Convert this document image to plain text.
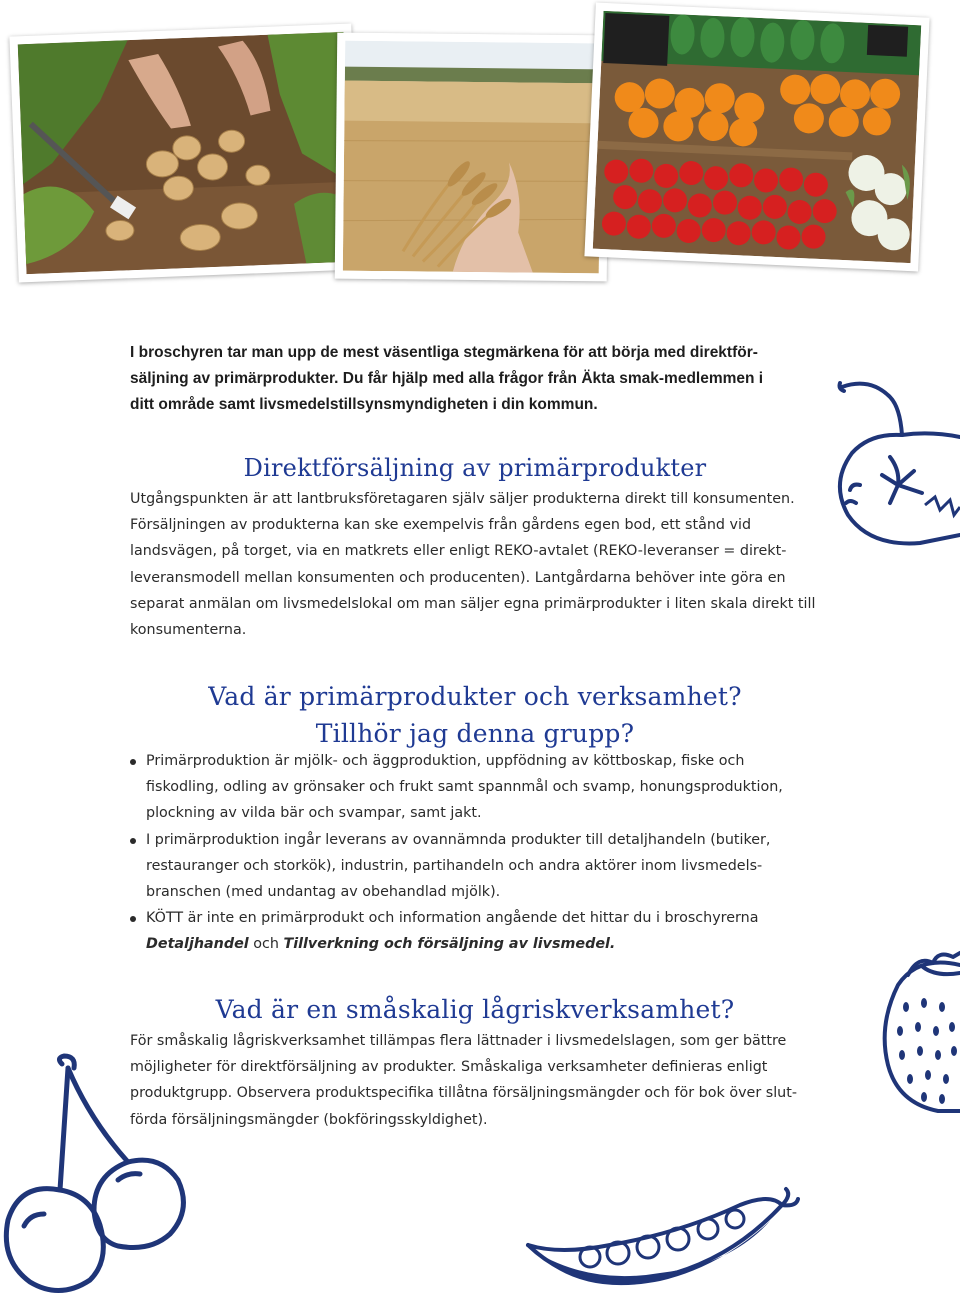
I broschyren tar man upp de mest väsentliga stegmärkena för att börja med direktförsäljning av primärprodukter. Du får hjälp med alla frågor från Äkta smak-medlemmen i ditt område samt livsmedelstillsynsmyndigheten i din kommun.

Direktförsäljning av primärprodukter

Utgångspunkten är att lantbruksföretagaren själv säljer produkterna direkt till konsumenten. Försäljningen av produkterna kan ske exempelvis från gårdens egen bod, ett stånd vid landsvägen, på torget, via en matkrets eller enligt REKO-avtalet (REKO-leveranser = direktleveransmodell mellan konsumenten och producenten). Lantgårdarna behöver inte göra en separat anmälan om livsmedelslokal om man säljer egna primärprodukter i liten skala direkt till konsumenterna.

Vad är primärprodukter och verksamhet?
Tillhör jag denna grupp?
Primärproduktion är mjölk- och äggproduktion, uppfödning av köttboskap, fiske och fiskodling, odling av grönsaker och frukt samt spannmål och svamp, honungsproduktion, plockning av vilda bär och svampar, samt jakt.
I primärproduktion ingår leverans av ovannämnda produkter till detaljhandeln (butiker, restauranger och storkök), industrin, partihandeln och andra aktörer inom livsmedelsbranschen (med undantag av obehandlad mjölk).
KÖTT är inte en primärprodukt och information angående det hittar du i broschyrerna Detaljhandel och Tillverkning och försäljning av livsmedel.
Vad är en småskalig lågriskverksamhet?

För småskalig lågriskverksamhet tillämpas flera lättnader i livsmedelslagen, som ger bättre möjligheter för direktförsäljning av produkter. Småskaliga verksamheter definieras enligt produktgrupp. Observera produktspecifika tillåtna försäljningsmängder och för bok över slutförda försäljningsmängder (bokföringsskyldighet).
